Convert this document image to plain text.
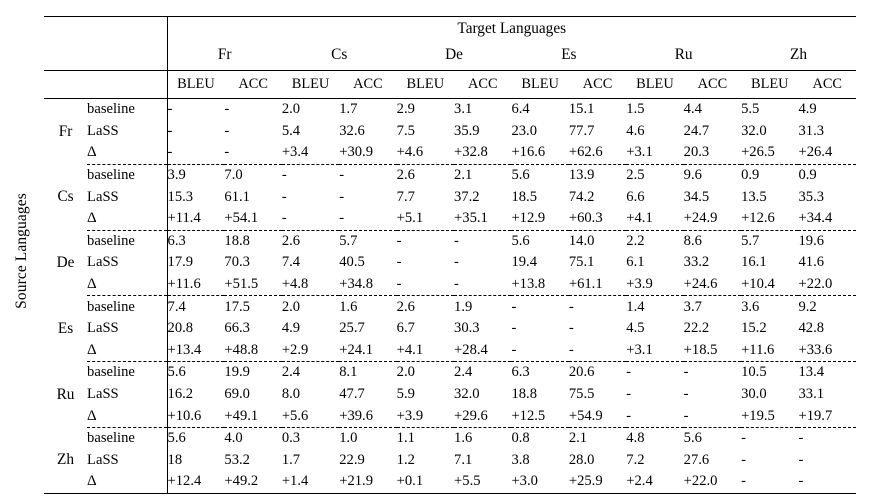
Source Languages

		Target Languages											
		Fr		Cs		De		Es		Ru		Zh	

		BLEU	ACC	BLEU	ACC	BLEU	ACC	BLEU	ACC	BLEU	ACC	BLEU	ACC

Fr	baseline	-	-	2.0	1.7	2.9	3.1	6.4	15.1	1.5	4.4	5.5	4.9
	LaSS	-	-	5.4	32.6	7.5	35.9	23.0	77.7	4.6	24.7	32.0	31.3
	Δ	-	-	+3.4	+30.9	+4.6	+32.8	+16.6	+62.6	+3.1	20.3	+26.5	+26.4

Cs	baseline	3.9	7.0	-	-	2.6	2.1	5.6	13.9	2.5	9.6	0.9	0.9
	LaSS	15.3	61.1	-	-	7.7	37.2	18.5	74.2	6.6	34.5	13.5	35.3
	Δ	+11.4	+54.1	-	-	+5.1	+35.1	+12.9	+60.3	+4.1	+24.9	+12.6	+34.4

De	baseline	6.3	18.8	2.6	5.7	-	-	5.6	14.0	2.2	8.6	5.7	19.6
	LaSS	17.9	70.3	7.4	40.5	-	-	19.4	75.1	6.1	33.2	16.1	41.6
	Δ	+11.6	+51.5	+4.8	+34.8	-	-	+13.8	+61.1	+3.9	+24.6	+10.4	+22.0

Es	baseline	7.4	17.5	2.0	1.6	2.6	1.9	-	-	1.4	3.7	3.6	9.2
	LaSS	20.8	66.3	4.9	25.7	6.7	30.3	-	-	4.5	22.2	15.2	42.8
	Δ	+13.4	+48.8	+2.9	+24.1	+4.1	+28.4	-	-	+3.1	+18.5	+11.6	+33.6

Ru	baseline	5.6	19.9	2.4	8.1	2.0	2.4	6.3	20.6	-	-	10.5	13.4
	LaSS	16.2	69.0	8.0	47.7	5.9	32.0	18.8	75.5	-	-	30.0	33.1
	Δ	+10.6	+49.1	+5.6	+39.6	+3.9	+29.6	+12.5	+54.9	-	-	+19.5	+19.7

Zh	baseline	5.6	4.0	0.3	1.0	1.1	1.6	0.8	2.1	4.8	5.6	-	-
	LaSS	18	53.2	1.7	22.9	1.2	7.1	3.8	28.0	7.2	27.6	-	-
	Δ	+12.4	+49.2	+1.4	+21.9	+0.1	+5.5	+3.0	+25.9	+2.4	+22.0	-	-
